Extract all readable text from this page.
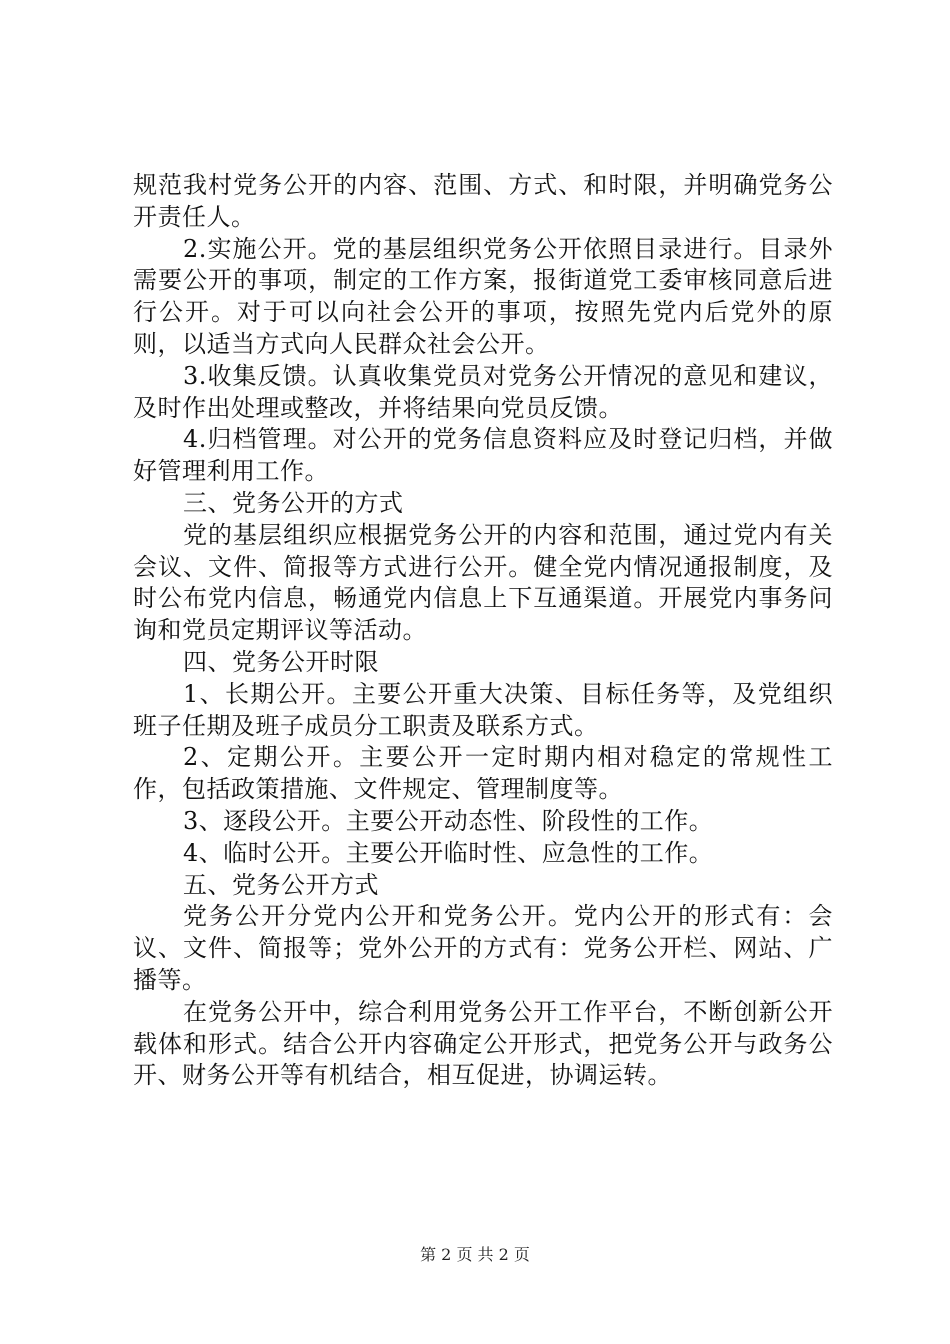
规范我村党务公开的内容、范围、方式、和时限，并明确党务公开责任人。

2.实施公开。党的基层组织党务公开依照目录进行。目录外需要公开的事项，制定的工作方案，报街道党工委审核同意后进行公开。对于可以向社会公开的事项，按照先党内后党外的原则，以适当方式向人民群众社会公开。

3.收集反馈。认真收集党员对党务公开情况的意见和建议，及时作出处理或整改，并将结果向党员反馈。

4.归档管理。对公开的党务信息资料应及时登记归档，并做好管理利用工作。

三、党务公开的方式

党的基层组织应根据党务公开的内容和范围，通过党内有关会议、文件、简报等方式进行公开。健全党内情况通报制度，及时公布党内信息，畅通党内信息上下互通渠道。开展党内事务问询和党员定期评议等活动。

四、党务公开时限

1、长期公开。主要公开重大决策、目标任务等，及党组织班子任期及班子成员分工职责及联系方式。

2、定期公开。主要公开一定时期内相对稳定的常规性工作，包括政策措施、文件规定、管理制度等。

3、逐段公开。主要公开动态性、阶段性的工作。

4、临时公开。主要公开临时性、应急性的工作。

五、党务公开方式

党务公开分党内公开和党务公开。党内公开的形式有：会议、文件、简报等；党外公开的方式有：党务公开栏、网站、广播等。

在党务公开中，综合利用党务公开工作平台，不断创新公开载体和形式。结合公开内容确定公开形式，把党务公开与政务公开、财务公开等有机结合，相互促进，协调运转。

第 2 页 共 2 页
